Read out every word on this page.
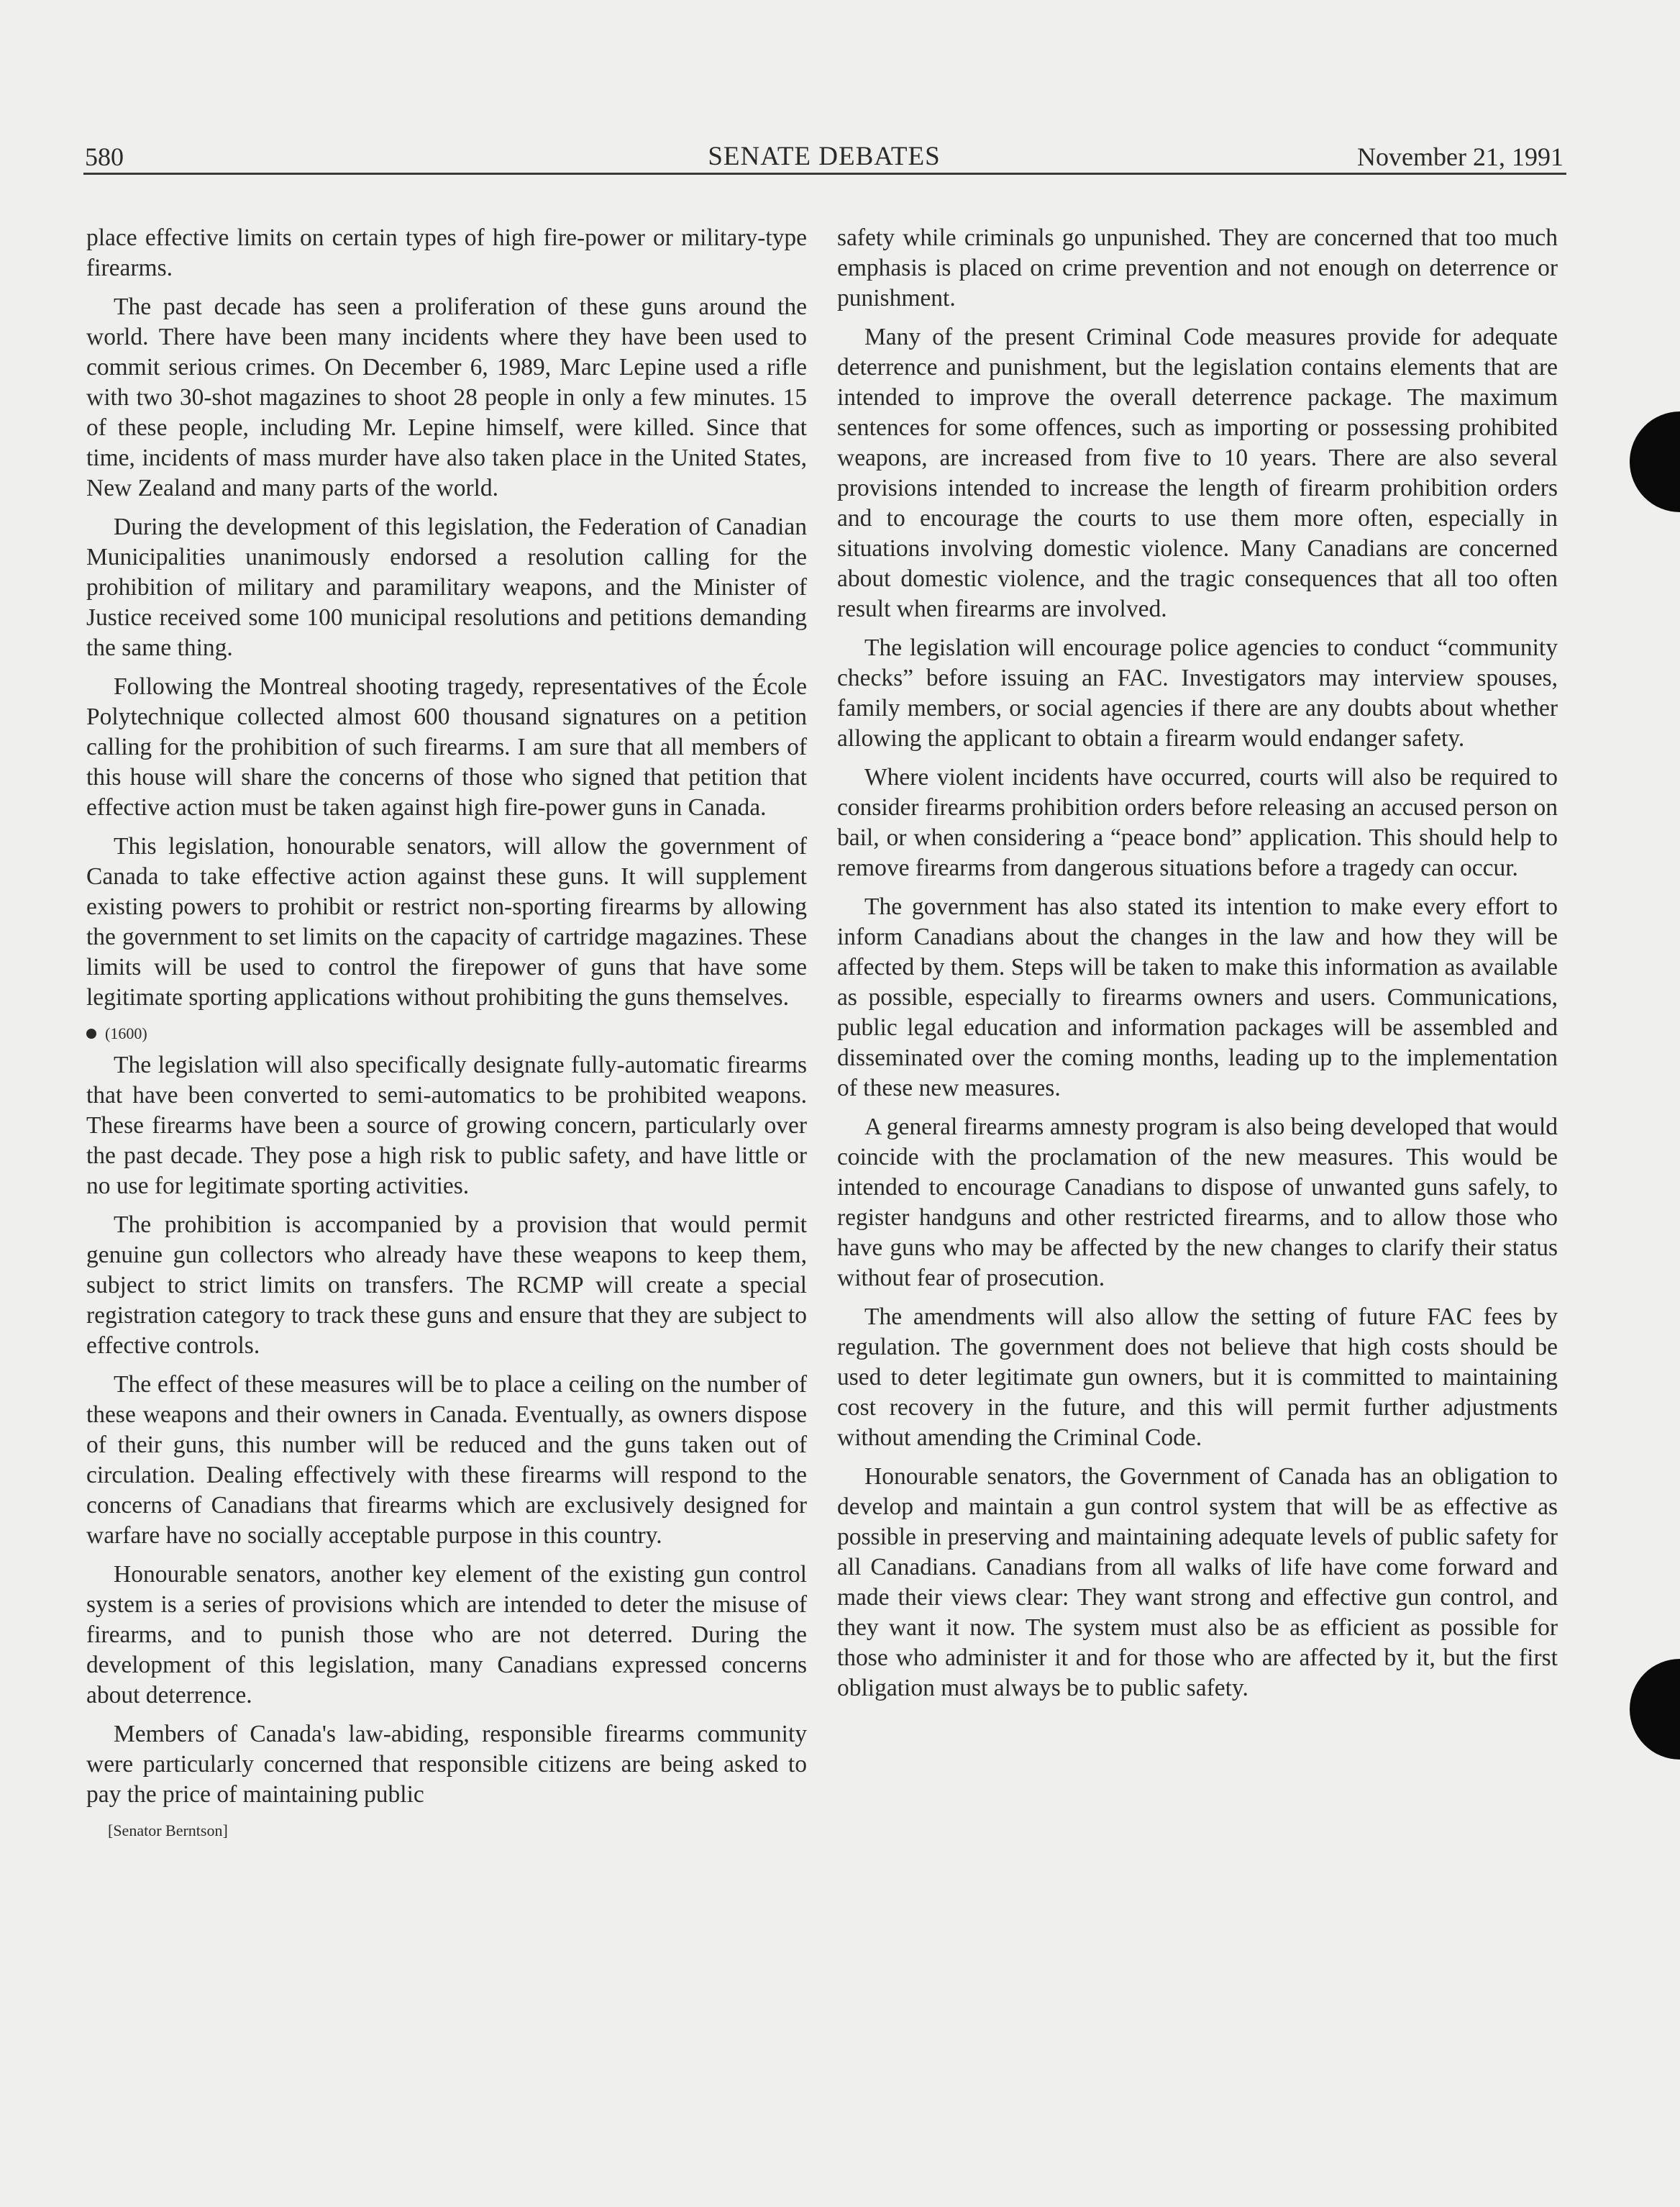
580	SENATE DEBATES	November 21, 1991

place effective limits on certain types of high fire-power or military-type firearms.

The past decade has seen a proliferation of these guns around the world. There have been many incidents where they have been used to commit serious crimes. On December 6, 1989, Marc Lepine used a rifle with two 30-shot magazines to shoot 28 people in only a few minutes. 15 of these people, including Mr. Lepine himself, were killed. Since that time, incidents of mass murder have also taken place in the United States, New Zealand and many parts of the world.

During the development of this legislation, the Federation of Canadian Municipalities unanimously endorsed a resolution calling for the prohibition of military and paramilitary weapons, and the Minister of Justice received some 100 municipal resolutions and petitions demanding the same thing.

Following the Montreal shooting tragedy, representatives of the École Polytechnique collected almost 600 thousand signatures on a petition calling for the prohibition of such firearms. I am sure that all members of this house will share the concerns of those who signed that petition that effective action must be taken against high fire-power guns in Canada.

This legislation, honourable senators, will allow the government of Canada to take effective action against these guns. It will supplement existing powers to prohibit or restrict non-sporting firearms by allowing the government to set limits on the capacity of cartridge magazines. These limits will be used to control the firepower of guns that have some legitimate sporting applications without prohibiting the guns themselves.

(1600)

The legislation will also specifically designate fully-automatic firearms that have been converted to semi-automatics to be prohibited weapons. These firearms have been a source of growing concern, particularly over the past decade. They pose a high risk to public safety, and have little or no use for legitimate sporting activities.

The prohibition is accompanied by a provision that would permit genuine gun collectors who already have these weapons to keep them, subject to strict limits on transfers. The RCMP will create a special registration category to track these guns and ensure that they are subject to effective controls.

The effect of these measures will be to place a ceiling on the number of these weapons and their owners in Canada. Eventually, as owners dispose of their guns, this number will be reduced and the guns taken out of circulation. Dealing effectively with these firearms will respond to the concerns of Canadians that firearms which are exclusively designed for warfare have no socially acceptable purpose in this country.

Honourable senators, another key element of the existing gun control system is a series of provisions which are intended to deter the misuse of firearms, and to punish those who are not deterred. During the development of this legislation, many Canadians expressed concerns about deterrence.

Members of Canada's law-abiding, responsible firearms community were particularly concerned that responsible citizens are being asked to pay the price of maintaining public

[Senator Berntson]

safety while criminals go unpunished. They are concerned that too much emphasis is placed on crime prevention and not enough on deterrence or punishment.

Many of the present Criminal Code measures provide for adequate deterrence and punishment, but the legislation contains elements that are intended to improve the overall deterrence package. The maximum sentences for some offences, such as importing or possessing prohibited weapons, are increased from five to 10 years. There are also several provisions intended to increase the length of firearm prohibition orders and to encourage the courts to use them more often, especially in situations involving domestic violence. Many Canadians are concerned about domestic violence, and the tragic consequences that all too often result when firearms are involved.

The legislation will encourage police agencies to conduct “community checks” before issuing an FAC. Investigators may interview spouses, family members, or social agencies if there are any doubts about whether allowing the applicant to obtain a firearm would endanger safety.

Where violent incidents have occurred, courts will also be required to consider firearms prohibition orders before releasing an accused person on bail, or when considering a “peace bond” application. This should help to remove firearms from dangerous situations before a tragedy can occur.

The government has also stated its intention to make every effort to inform Canadians about the changes in the law and how they will be affected by them. Steps will be taken to make this information as available as possible, especially to firearms owners and users. Communications, public legal education and information packages will be assembled and disseminated over the coming months, leading up to the implementation of these new measures.

A general firearms amnesty program is also being developed that would coincide with the proclamation of the new measures. This would be intended to encourage Canadians to dispose of unwanted guns safely, to register handguns and other restricted firearms, and to allow those who have guns who may be affected by the new changes to clarify their status without fear of prosecution.

The amendments will also allow the setting of future FAC fees by regulation. The government does not believe that high costs should be used to deter legitimate gun owners, but it is committed to maintaining cost recovery in the future, and this will permit further adjustments without amending the Criminal Code.

Honourable senators, the Government of Canada has an obligation to develop and maintain a gun control system that will be as effective as possible in preserving and maintaining adequate levels of public safety for all Canadians. Canadians from all walks of life have come forward and made their views clear: They want strong and effective gun control, and they want it now. The system must also be as efficient as possible for those who administer it and for those who are affected by it, but the first obligation must always be to public safety.
